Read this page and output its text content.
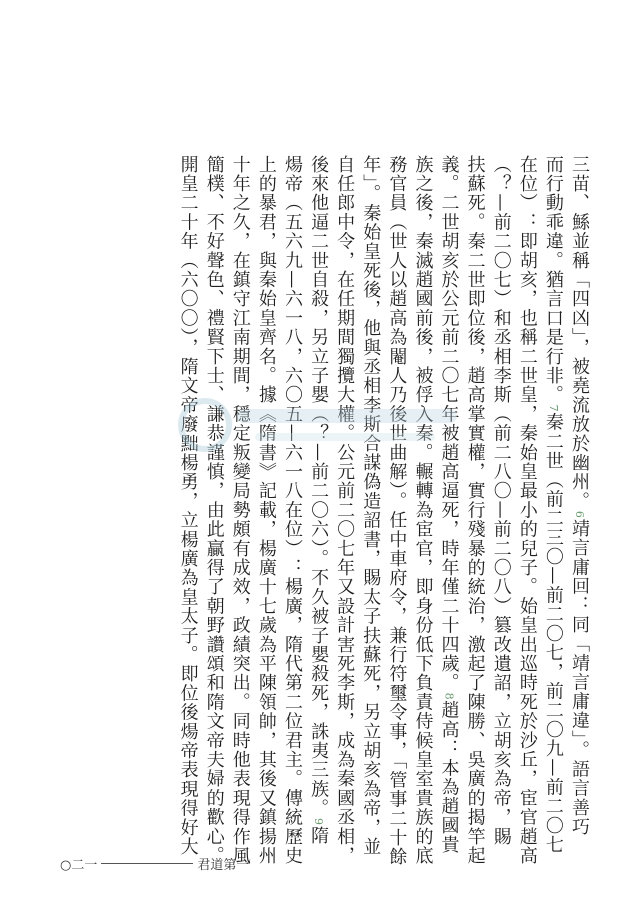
三苗、鯀並稱「四凶」，被堯流放於幽州。6靖言庸回：同「靖言庸違」。語言善巧
而行動乖違。猶言口是行非。7秦二世（前二三〇—前二〇七，前二〇九—前二〇七
在位）：即胡亥，也稱二世皇，秦始皇最小的兒子。始皇出巡時死於沙丘，宦官趙高
（？—前二〇七）和丞相李斯（前二八〇—前二〇八）篡改遺詔，立胡亥為帝，賜
扶蘇死。秦二世即位後，趙高掌實權，實行殘暴的統治，激起了陳勝、吳廣的揭竿起
義。二世胡亥於公元前二〇七年被趙高逼死，時年僅二十四歲。8趙高：本為趙國貴
族之後，秦滅趙國前後，被俘入秦。輾轉為宦官，即身份低下負責侍候皇室貴族的底
務官員（世人以趙高為閹人乃後世曲解）。任中車府令，兼行符璽令事，「管事二十餘
年」。秦始皇死後，他與丞相李斯合謀偽造詔書，賜太子扶蘇死，另立胡亥為帝，並
自任郎中令，在任期間獨攬大權。公元前二〇七年又設計害死李斯，成為秦國丞相，
後來他逼二世自殺，另立子嬰（？—前二〇六）。不久被子嬰殺死，誅夷三族。9隋
煬帝（五六九—六一八，六〇五—六一八在位）：楊廣，隋代第二位君主。傳統歷史
上的暴君，與秦始皇齊名。據《隋書》記載，楊廣十七歲為平陳領帥，其後又鎮揚州
十年之久，在鎮守江南期間，穩定叛變局勢頗有成效，政績突出。同時他表現得作風
簡樸、不好聲色、禮賢下士、謙恭謹慎，由此贏得了朝野讚頌和隋文帝夫婦的歡心。
開皇二十年（六〇〇），隋文帝廢黜楊勇，立楊廣為皇太子。即位後煬帝表現得好大
○二一	君道第一
